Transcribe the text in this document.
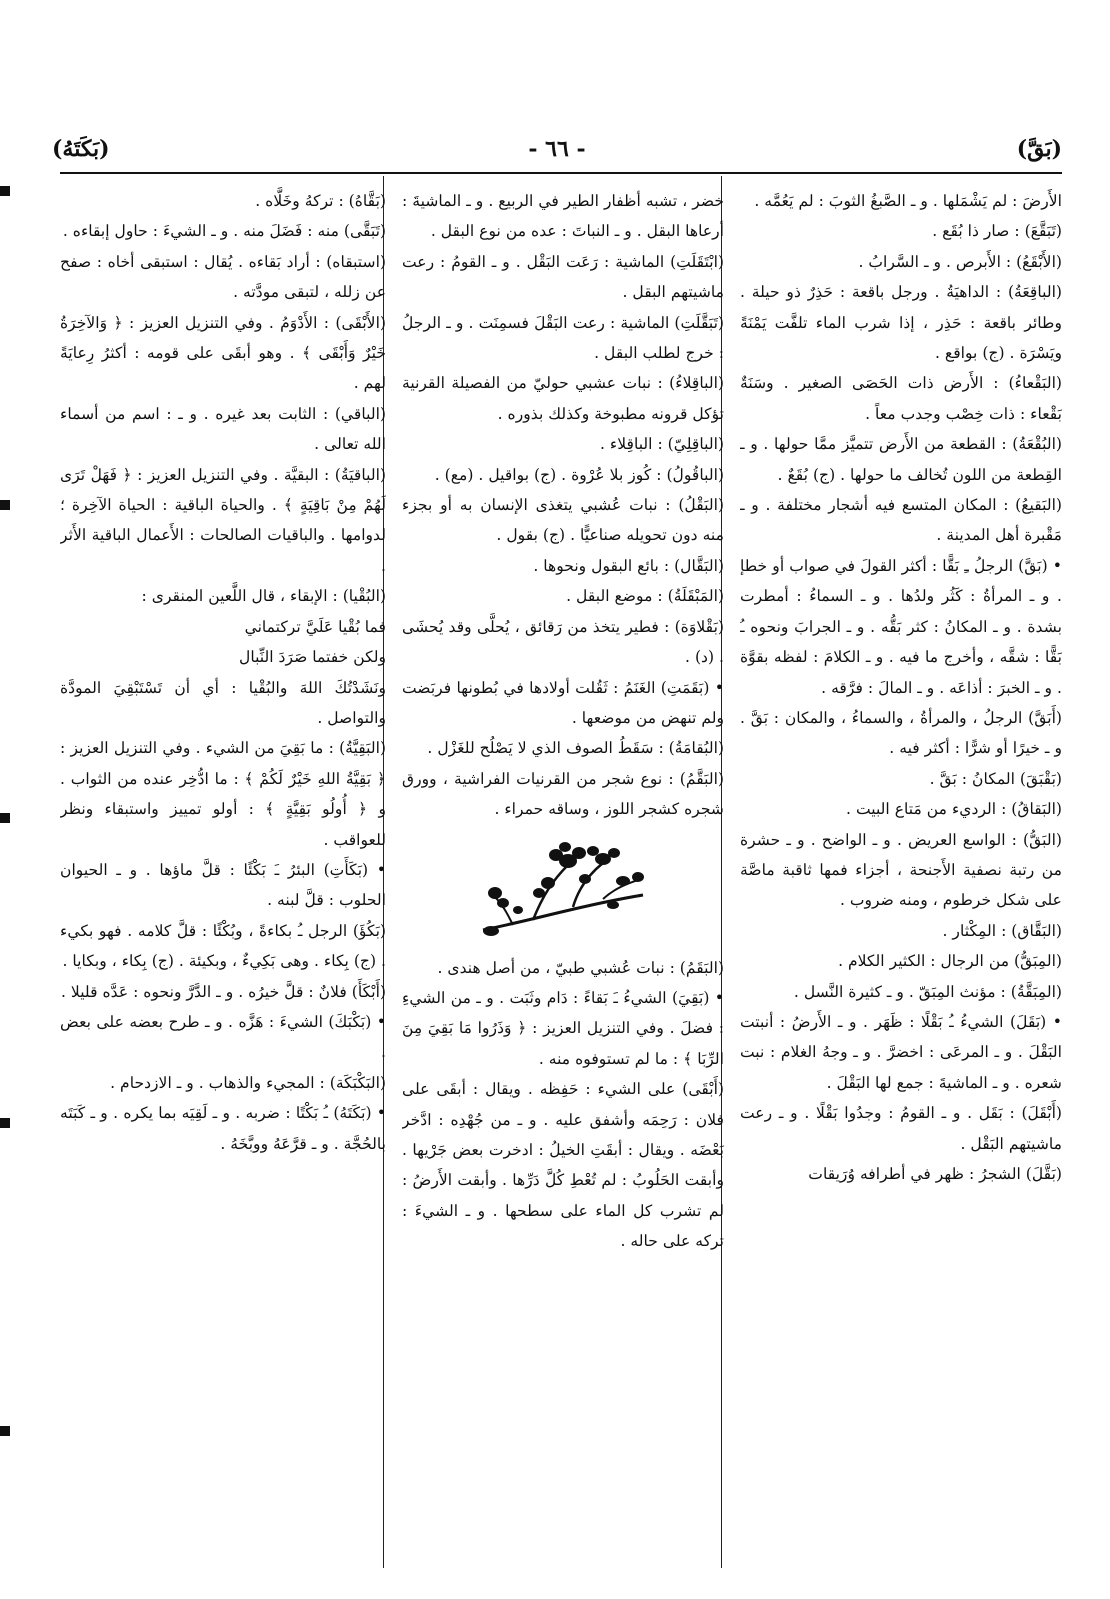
(بَقَّ)
- ٦٦ -
(بَكَتَهُ)

الأَرضَ : لم يَشْمَلها . و ـ الصَّبغُ الثوبَ : لم يَعُمَّه .

(تَبَقَّعَ) : صار ذا بُقَع .

(الأَبْقَعُ) : الأَبرص . و ـ السَّرابُ .

(الباقِعَةُ) : الداهيَةُ . ورجل باقعة : حَذِرٌ ذو حيلة . وطائر باقعة : حَذِر ، إذا شرب الماء تلفَّت يَمْنَةً ويَسْرَة . (ج) بواقع .

(البَقْعاءُ) : الأَرض ذات الحَصَى الصغير . وسَنَةٌ بَقْعاء : ذات خِصْب وجدب معاً .

(البُقْعَةُ) : القطعة من الأَرض تتميَّز ممَّا حولها . و ـ القِطعة من اللون تُخالف ما حولها . (ج) بُقَعٌ .

(البَقيعُ) : المكان المتسع فيه أشجار مختلفة . و ـ مَقْبرة أهل المدينة .

• (بَقَّ) الرجلُ ـِ بَقًّا : أكثر القولَ في صواب أو خطإ . و ـ المرأةُ : كَثُر ولدُها . و ـ السماءُ : أمطرت بشدة . و ـ المكانُ : كثر بَقُّه . و ـ الجرابَ ونحوه ـُ بَقًّا : شقَّه ، وأخرج ما فيه . و ـ الكلامَ : لفظه بقوَّة . و ـ الخبرَ : أذاعَه . و ـ المالَ : فرَّقه .

(أَبَقَّ) الرجلُ ، والمرأةُ ، والسماءُ ، والمكان : بَقَّ . و ـ خيرًا أو شرًّا : أكثر فيه .

(بَقْبَقَ) المكانُ : بَقَّ .

(البَقاقُ) : الرديء من مَتاع البيت .

(البَقُّ) : الواسع العريض . و ـ الواضح . و ـ حشرة من رتبة نصفية الأَجنحة ، أجزاء فمها ثاقبة ماصَّة على شكل خرطوم ، ومنه ضروب .

(البَقَّاق) : المِكْثار .

(المِبَقُّ) من الرجال : الكثير الكلام .

(المِبَقَّةُ) : مؤنث المِبَقّ . و ـ كثيرة النَّسل .

• (بَقَلَ) الشيءُ ـُ بَقْلًا : ظَهَر . و ـ الأَرضُ : أنبتت البَقْلَ . و ـ المرعَى : اخضرَّ . و ـ وجهُ الغلام : نبت شعره . و ـ الماشيةَ : جمع لها البَقْلَ .

(أَبْقَلَ) : بَقَل . و ـ القومُ : وجدُوا بَقْلًا . و ـ رعت ماشيتهم البَقْل .

(بَقَّلَ) الشجرُ : ظهر في أطرافه وُرَيقات

خضر ، تشبه أظفار الطير في الربيع . و ـ الماشيةَ : أرعاها البقل . و ـ النباتَ : عده من نوع البقل .

(ابْتَقَلَتِ) الماشية : رَعَت البَقْل . و ـ القومُ : رعت ماشيتهم البقل .

(تَبَقَّلَتِ) الماشية : رعت البَقْلَ فسمِنَت . و ـ الرجلُ : خرج لطلب البقل .

(الباقِلاءُ) : نبات عشبي حوليّ من الفصيلة القرنية تؤكل قرونه مطبوخة وكذلك بذوره .

(الباقِلِيّ) : الباقِلاء .

(الباقُولُ) : كُوز بلا عُرْوة . (ج) بواقيل . (مع) .

(البَقْلُ) : نبات عُشبي يتغذى الإنسان به أو بجزء منه دون تحويله صناعيًّا . (ج) بقول .

(البَقَّال) : بائع البقول ونحوها .

(المَبْقَلَةُ) : موضع البقل .

(بَقْلاوَة) : فطير يتخذ من رَقائق ، يُحلَّى وقد يُحشَى . (د) .

• (بَقَمَتِ) الغَنَمُ : ثَقُلت أولادها في بُطونها فربَضت ولم تنهض من موضعها .

(البُقامَةُ) : سَقَطُ الصوف الذي لا يَصْلُح للغَزْل .

(البَقَّمُ) : نوع شجر من القرنيات الفراشية ، وورق شجره كشجر اللوز ، وساقه حمراء .

(البَقَمُ) : نبات عُشبي طبيّ ، من أصل هندى .

• (بَقِيَ) الشيءُ ـَ بَقاءً : دَام وثَبَت . و ـ من الشيءِ : فضلَ . وفي التنزيل العزيز : ﴿ وَذَرُوا مَا بَقِيَ مِنَ الرِّبَا ﴾ : ما لم تستوفوه منه .

(أَبْقَى) على الشيء : حَفِظه . ويقال : أبقَى على فلان : رَحِمَه وأشفق عليه . و ـ من جُهْدِه : ادَّخر بَعْضَه . ويقال : أبقَتِ الخيلُ : ادخرت بعض جَرْيها . وأبقت الحَلُوبُ : لم تُعْطِ كُلَّ دَرِّها . وأبقت الأَرضُ : لم تشرب كل الماء على سطحها . و ـ الشيءَ : تركه على حاله .

(بَقَّاهُ) : تركهُ وخَلَّاه .

(تَبَقَّى) منه : فَضَلَ منه . و ـ الشيءَ : حاول إبقاءه .

(استبقاه) : أراد بَقاءه . يُقال : استبقى أخاه : صفح عن زلله ، لتبقى مودَّته .

(الأَبْقَى) : الأَدْوَمُ . وفي التنزيل العزيز : ﴿ وَالآخِرَةُ خَيْرٌ وَأَبْقَى ﴾ . وهو أبقَى على قومه : أكثرُ رِعايَةً لهم .

(الباقي) : الثابت بعد غيره . و ـ : اسم من أسماء الله تعالى .

(الباقيَةُ) : البقيَّة . وفي التنزيل العزيز : ﴿ فَهَلْ تَرَى لَهُمْ مِنْ بَاقِيَةٍ ﴾ . والحياة الباقية : الحياة الآخِرة ؛ لدوامها . والباقيات الصالحات : الأَعمال الباقية الأَثر .

(البُقْيا) : الإبقاء ، قال اللَّعين المنقرى :

فما بُقْيا عَلَيَّ تركتماني

ولكن خفتما صَرَدَ النِّبال

ونَشَدْتُكَ اللهَ والبُقْيا : أي أن تَسْتَبْقِيَ المودَّة والتواصل .

(البَقِيَّةُ) : ما بَقِيَ من الشيء . وفي التنزيل العزيز : ﴿ بَقِيَّةُ اللهِ خَيْرٌ لَكُمْ ﴾ : ما ادُّخِر عنده من الثواب . و ﴿ أُولُو بَقِيَّةٍ ﴾ : أولو تمييز واستبقاء ونظر للعواقب .

• (بَكَأَتِ) البئرُ ـَ بَكْئًا : قلَّ ماؤها . و ـ الحيوان الحلوب : قلَّ لبنه .

(بَكُؤَ) الرجل ـُ بكاءةً ، وبُكْئًا : قلَّ كلامه . فهو بكيء . (ج) بِكاء . وهى بَكِيءٌ ، وبكيئة . (ج) بِكاء ، وبكايا .

(أَبْكَأَ) فلانٌ : قلَّ خيرُه . و ـ الدَّرَّ ونحوه : عَدَّه قليلا .

• (بَكْبَكَ) الشيءَ : هَزَّه . و ـ طرح بعضه على بعض .

(البَكْبَكَة) : المجيء والذهاب . و ـ الازدحام .

• (بَكَتَهُ) ـُ بَكْتًا : ضربه . و ـ لَقِيَه بما يكره . و ـ كَبَتَه بالحُجَّة . و ـ قرَّعَهُ ووبَّخَهُ .
